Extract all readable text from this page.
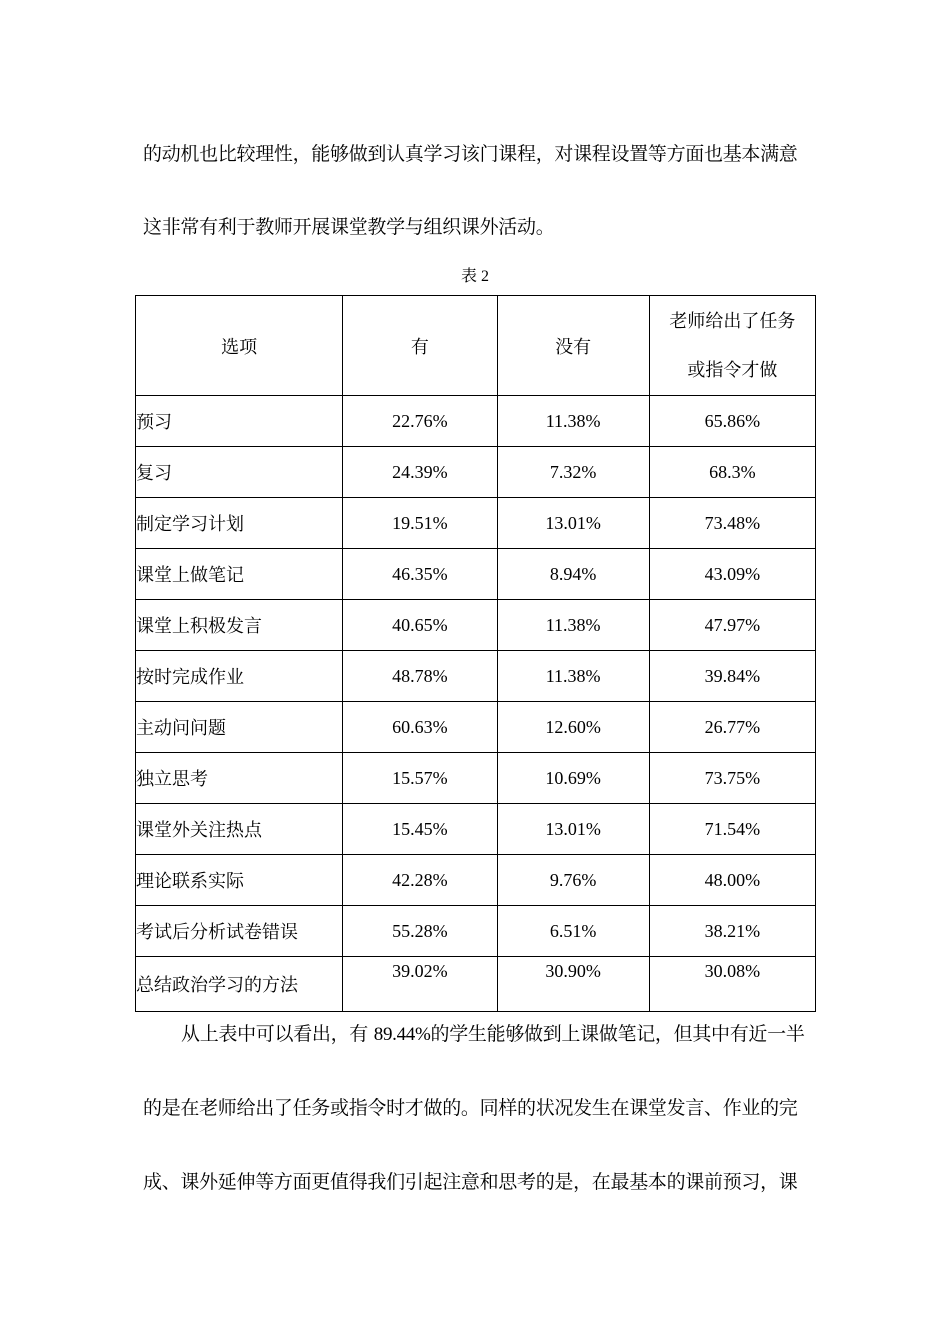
的动机也比较理性，能够做到认真学习该门课程，对课程设置等方面也基本满意
这非常有利于教师开展课堂教学与组织课外活动。
表 2
选项	有	没有	老师给出了任务
或指令才做

预习	22.76%	11.38%	65.86%
复习	24.39%	7.32%	68.3%
制定学习计划	19.51%	13.01%	73.48%
课堂上做笔记	46.35%	8.94%	43.09%
课堂上积极发言	40.65%	11.38%	47.97%
按时完成作业	48.78%	11.38%	39.84%
主动问问题	60.63%	12.60%	26.77%
独立思考	15.57%	10.69%	73.75%
课堂外关注热点	15.45%	13.01%	71.54%
理论联系实际	42.28%	9.76%	48.00%
考试后分析试卷错误	55.28%	6.51%	38.21%
总结政治学习的方法	39.02%	30.90%	30.08%
从上表中可以看出，有 89.44%的学生能够做到上课做笔记，但其中有近一半
的是在老师给出了任务或指令时才做的。同样的状况发生在课堂发言、作业的完
成、课外延伸等方面更值得我们引起注意和思考的是，在最基本的课前预习，课
